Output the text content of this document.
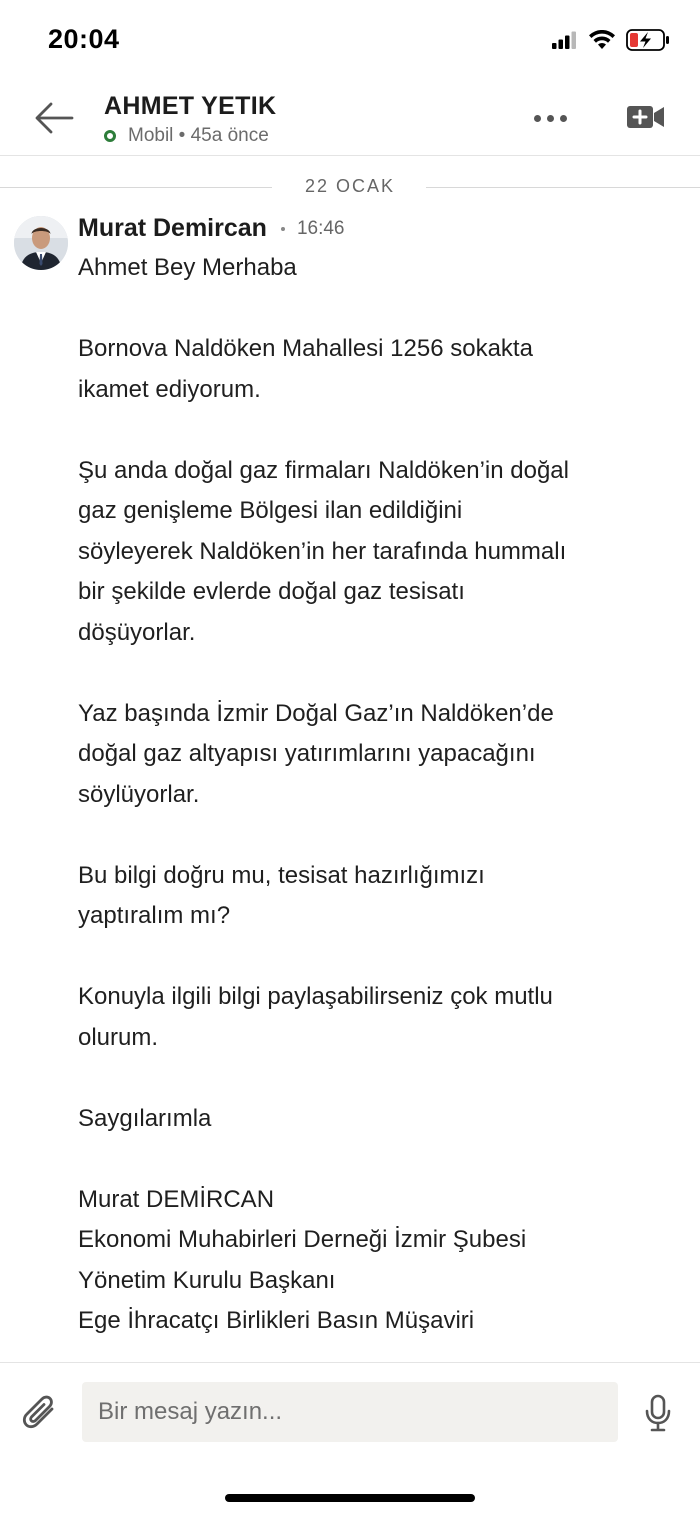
20:04
AHMET YETIK
Mobil • 45a önce
22 OCAK
Murat Demircan 16:46

Ahmet Bey Merhaba

Bornova Naldöken Mahallesi 1256 sokakta

ikamet ediyorum.

Şu anda doğal gaz firmaları Naldöken’in doğal

gaz genişleme Bölgesi ilan edildiğini

söyleyerek Naldöken’in her tarafında hummalı

bir şekilde evlerde doğal gaz tesisatı

döşüyorlar.

Yaz başında İzmir Doğal Gaz’ın Naldöken’de

doğal gaz altyapısı yatırımlarını yapacağını

söylüyorlar.

Bu bilgi doğru mu, tesisat hazırlığımızı

yaptıralım mı?

Konuyla ilgili bilgi paylaşabilirseniz çok mutlu

olurum.

Saygılarımla

Murat DEMİRCAN

Ekonomi Muhabirleri Derneği İzmir Şubesi

Yönetim Kurulu Başkanı

Ege İhracatçı Birlikleri Basın Müşaviri

Bir mesaj yazın...
